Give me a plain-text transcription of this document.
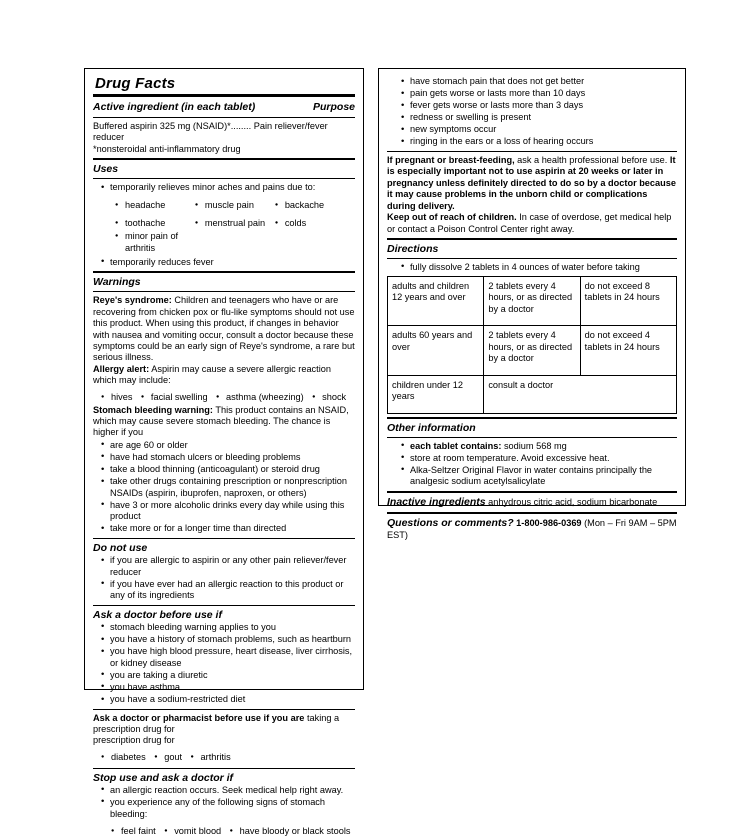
Drug Facts
Active ingredient (in each tablet)	Purpose
Buffered aspirin 325 mg (NSAID)*........ Pain reliever/fever reducer
*nonsteroidal anti-inflammatory drug
Uses
• temporarily relieves minor aches and pains due to:
● headache	● muscle pain	● backache
● toothache	● menstrual pain	● colds
● minor pain of arthritis
• temporarily reduces fever
Warnings

Reye's syndrome: Children and teenagers who have or are recovering from chicken pox or flu-like symptoms should not use this product. When using this product, if changes in behavior with nausea and vomiting occur, consult a doctor because these symptoms could be an early sign of Reye's syndrome, a rare but serious illness.

Allergy alert: Aspirin may cause a severe allergic reaction which may include:

● hives ● facial swelling ● asthma (wheezing) ● shock

Stomach bleeding warning: This product contains an NSAID, which may cause severe stomach bleeding. The chance is higher if you

• are age 60 or older
• have had stomach ulcers or bleeding problems
• take a blood thinning (anticoagulant) or steroid drug
• take other drugs containing prescription or nonprescription NSAIDs (aspirin, ibuprofen, naproxen, or others)
• have 3 or more alcoholic drinks every day while using this product
• take more or for a longer time than directed
Do not use
• if you are allergic to aspirin or any other pain reliever/fever reducer
• if you have ever had an allergic reaction to this product or any of its ingredients
Ask a doctor before use if
• stomach bleeding warning applies to you
• you have a history of stomach problems, such as heartburn
• you have high blood pressure, heart disease, liver cirrhosis, or kidney disease
• you are taking a diuretic
• you have asthma
• you have a sodium-restricted diet

Ask a doctor or pharmacist before use if you are taking a prescription drug for

prescription drug for

● diabetes ● gout ● arthritis
Stop use and ask a doctor if
• an allergic reaction occurs. Seek medical help right away.
• you experience any of the following signs of stomach bleeding:
● feel faint ● vomit blood ● have bloody or black stools
• have stomach pain that does not get better
• pain gets worse or lasts more than 10 days
• fever gets worse or lasts more than 3 days
• redness or swelling is present
• new symptoms occur
• ringing in the ears or a loss of hearing occurs

If pregnant or breast-feeding, ask a health professional before use. It is especially important not to use aspirin at 20 weeks or later in pregnancy unless definitely directed to do so by a doctor because it may cause problems in the unborn child or complications during delivery.

Keep out of reach of children. In case of overdose, get medical help or contact a Poison Control Center right away.

Directions
• fully dissolve 2 tablets in 4 ounces of water before taking
adults and children 12 years and over	2 tablets every 4 hours, or as directed by a doctor	do not exceed 8 tablets in 24 hours
adults 60 years and over	2 tablets every 4 hours, or as directed by a doctor	do not exceed 4 tablets in 24 hours
children under 12 years	consult a doctor	
Other information
• each tablet contains: sodium 568 mg
• store at room temperature. Avoid excessive heat.
• Alka-Seltzer Original Flavor in water contains principally the analgesic sodium acetylsalicylate

Inactive ingredients anhydrous citric acid, sodium bicarbonate

Questions or comments? 1-800-986-0369 (Mon – Fri 9AM – 5PM EST)
